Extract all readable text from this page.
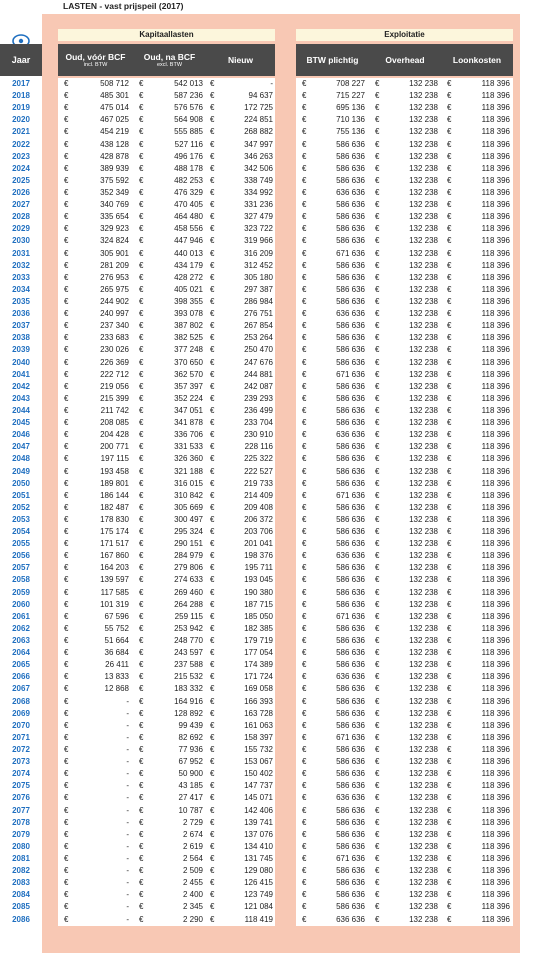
LASTEN - vast prijspeil (2017)
Kapitaallasten	Exploitatie
Jaar	Oud, vóór BCF
incl. BTW
Oud, na BCF
excl. BTW	Nieuw	BTW plichtig	Overhead	Loonkosten
2017	€	508 712 €	542 013 €	-	€	708 227 €	132 238 €	118 396
2018	€	485 301 €	587 236 €	94 637	€	715 227 €	132 238 €	118 396
2019	€	475 014 €	576 576 €	172 725	€	695 136 €	132 238 €	118 396
2020	€	467 025 €	564 908 €	224 851	€	710 136 €	132 238 €	118 396
2021	€	454 219 €	555 885 €	268 882	€	755 136 €	132 238 €	118 396
2022	€	438 128 €	527 116 €	347 997	€	586 636 €	132 238 €	118 396
2023	€	428 878 €	496 176 €	346 263	€	586 636 €	132 238 €	118 396
2024	€	389 939 €	488 178 €	342 506	€	586 636 €	132 238 €	118 396
2025	€	375 592 €	482 253 €	338 749	€	586 636 €	132 238 €	118 396
2026	€	352 349 €	476 329 €	334 992	€	636 636 €	132 238 €	118 396
2027	€	340 769 €	470 405 €	331 236	€	586 636 €	132 238 €	118 396
2028	€	335 654 €	464 480 €	327 479	€	586 636 €	132 238 €	118 396
2029	€	329 923 €	458 556 €	323 722	€	586 636 €	132 238 €	118 396
2030	€	324 824 €	447 946 €	319 966	€	586 636 €	132 238 €	118 396
2031	€	305 901 €	440 013 €	316 209	€	671 636 €	132 238 €	118 396
2032	€	281 209 €	434 179 €	312 452	€	586 636 €	132 238 €	118 396
2033	€	276 953 €	428 272 €	305 180	€	586 636 €	132 238 €	118 396
2034	€	265 975 €	405 021 €	297 387	€	586 636 €	132 238 €	118 396
2035	€	244 902 €	398 355 €	286 984	€	586 636 €	132 238 €	118 396
2036	€	240 997 €	393 078 €	276 751	€	636 636 €	132 238 €	118 396
2037	€	237 340 €	387 802 €	267 854	€	586 636 €	132 238 €	118 396
2038	€	233 683 €	382 525 €	253 264	€	586 636 €	132 238 €	118 396
2039	€	230 026 €	377 248 €	250 470	€	586 636 €	132 238 €	118 396
2040	€	226 369 €	370 650 €	247 676	€	586 636 €	132 238 €	118 396
2041	€	222 712 €	362 570 €	244 881	€	671 636 €	132 238 €	118 396
2042	€	219 056 €	357 397 €	242 087	€	586 636 €	132 238 €	118 396
2043	€	215 399 €	352 224 €	239 293	€	586 636 €	132 238 €	118 396
2044	€	211 742 €	347 051 €	236 499	€	586 636 €	132 238 €	118 396
2045	€	208 085 €	341 878 €	233 704	€	586 636 €	132 238 €	118 396
2046	€	204 428 €	336 706 €	230 910	€	636 636 €	132 238 €	118 396
2047	€	200 771 €	331 533 €	228 116	€	586 636 €	132 238 €	118 396
2048	€	197 115 €	326 360 €	225 322	€	586 636 €	132 238 €	118 396
2049	€	193 458 €	321 188 €	222 527	€	586 636 €	132 238 €	118 396
2050	€	189 801 €	316 015 €	219 733	€	586 636 €	132 238 €	118 396
2051	€	186 144 €	310 842 €	214 409	€	671 636 €	132 238 €	118 396
2052	€	182 487 €	305 669 €	209 408	€	586 636 €	132 238 €	118 396
2053	€	178 830 €	300 497 €	206 372	€	586 636 €	132 238 €	118 396
2054	€	175 174 €	295 324 €	203 706	€	586 636 €	132 238 €	118 396
2055	€	171 517 €	290 151 €	201 041	€	586 636 €	132 238 €	118 396
2056	€	167 860 €	284 979 €	198 376	€	636 636 €	132 238 €	118 396
2057	€	164 203 €	279 806 €	195 711	€	586 636 €	132 238 €	118 396
2058	€	139 597 €	274 633 €	193 045	€	586 636 €	132 238 €	118 396
2059	€	117 585 €	269 460 €	190 380	€	586 636 €	132 238 €	118 396
2060	€	101 319 €	264 288 €	187 715	€	586 636 €	132 238 €	118 396
2061	€	67 596 €	259 115 €	185 050	€	671 636 €	132 238 €	118 396
2062	€	55 752 €	253 942 €	182 385	€	586 636 €	132 238 €	118 396
2063	€	51 664 €	248 770 €	179 719	€	586 636 €	132 238 €	118 396
2064	€	36 684 €	243 597 €	177 054	€	586 636 €	132 238 €	118 396
2065	€	26 411 €	237 588 €	174 389	€	586 636 €	132 238 €	118 396
2066	€	13 833 €	215 532 €	171 724	€	636 636 €	132 238 €	118 396
2067	€	12 868 €	183 332 €	169 058	€	586 636 €	132 238 €	118 396
2068	€	- €	164 916 €	166 393	€	586 636 €	132 238 €	118 396
2069	€	- €	128 892 €	163 728	€	586 636 €	132 238 €	118 396
2070	€	- €	99 439 €	161 063	€	586 636 €	132 238 €	118 396
2071	€	- €	82 692 €	158 397	€	671 636 €	132 238 €	118 396
2072	€	- €	77 936 €	155 732	€	586 636 €	132 238 €	118 396
2073	€	- €	67 952 €	153 067	€	586 636 €	132 238 €	118 396
2074	€	- €	50 900 €	150 402	€	586 636 €	132 238 €	118 396
2075	€	- €	43 185 €	147 737	€	586 636 €	132 238 €	118 396
2076	€	- €	27 417 €	145 071	€	636 636 €	132 238 €	118 396
2077	€	- €	10 787 €	142 406	€	586 636 €	132 238 €	118 396
2078	€	- €	2 729 €	139 741	€	586 636 €	132 238 €	118 396
2079	€	- €	2 674 €	137 076	€	586 636 €	132 238 €	118 396
2080	€	- €	2 619 €	134 410	€	586 636 €	132 238 €	118 396
2081	€	- €	2 564 €	131 745	€	671 636 €	132 238 €	118 396
2082	€	- €	2 509 €	129 080	€	586 636 €	132 238 €	118 396
2083	€	- €	2 455 €	126 415	€	586 636 €	132 238 €	118 396
2084	€	- €	2 400 €	123 749	€	586 636 €	132 238 €	118 396
2085	€	- €	2 345 €	121 084	€	586 636 €	132 238 €	118 396
2086	€	- €	2 290 €	118 419	€	636 636 €	132 238 €	118 396
